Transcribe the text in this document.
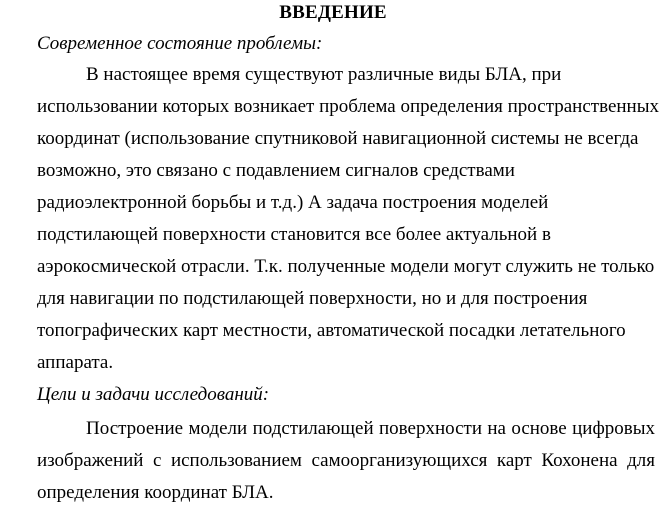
ВВЕДЕНИЕ
Современное состояние проблемы:
В настоящее время существуют различные виды БЛА, при
использовании которых возникает проблема определения пространственных
координат (использование спутниковой навигационной системы не всегда
возможно, это связано с подавлением сигналов средствами
радиоэлектронной борьбы и т.д.) А задача построения моделей
подстилающей поверхности становится все более актуальной в
аэрокосмической отрасли. Т.к. полученные модели могут служить не только
для навигации по подстилающей поверхности, но и для построения
топографических карт местности, автоматической посадки летательного
аппарата.
Цели и задачи исследований:
Построение модели подстилающей поверхности на основе цифровых
изображений с использованием самоорганизующихся карт Кохонена для
определения координат БЛА.
